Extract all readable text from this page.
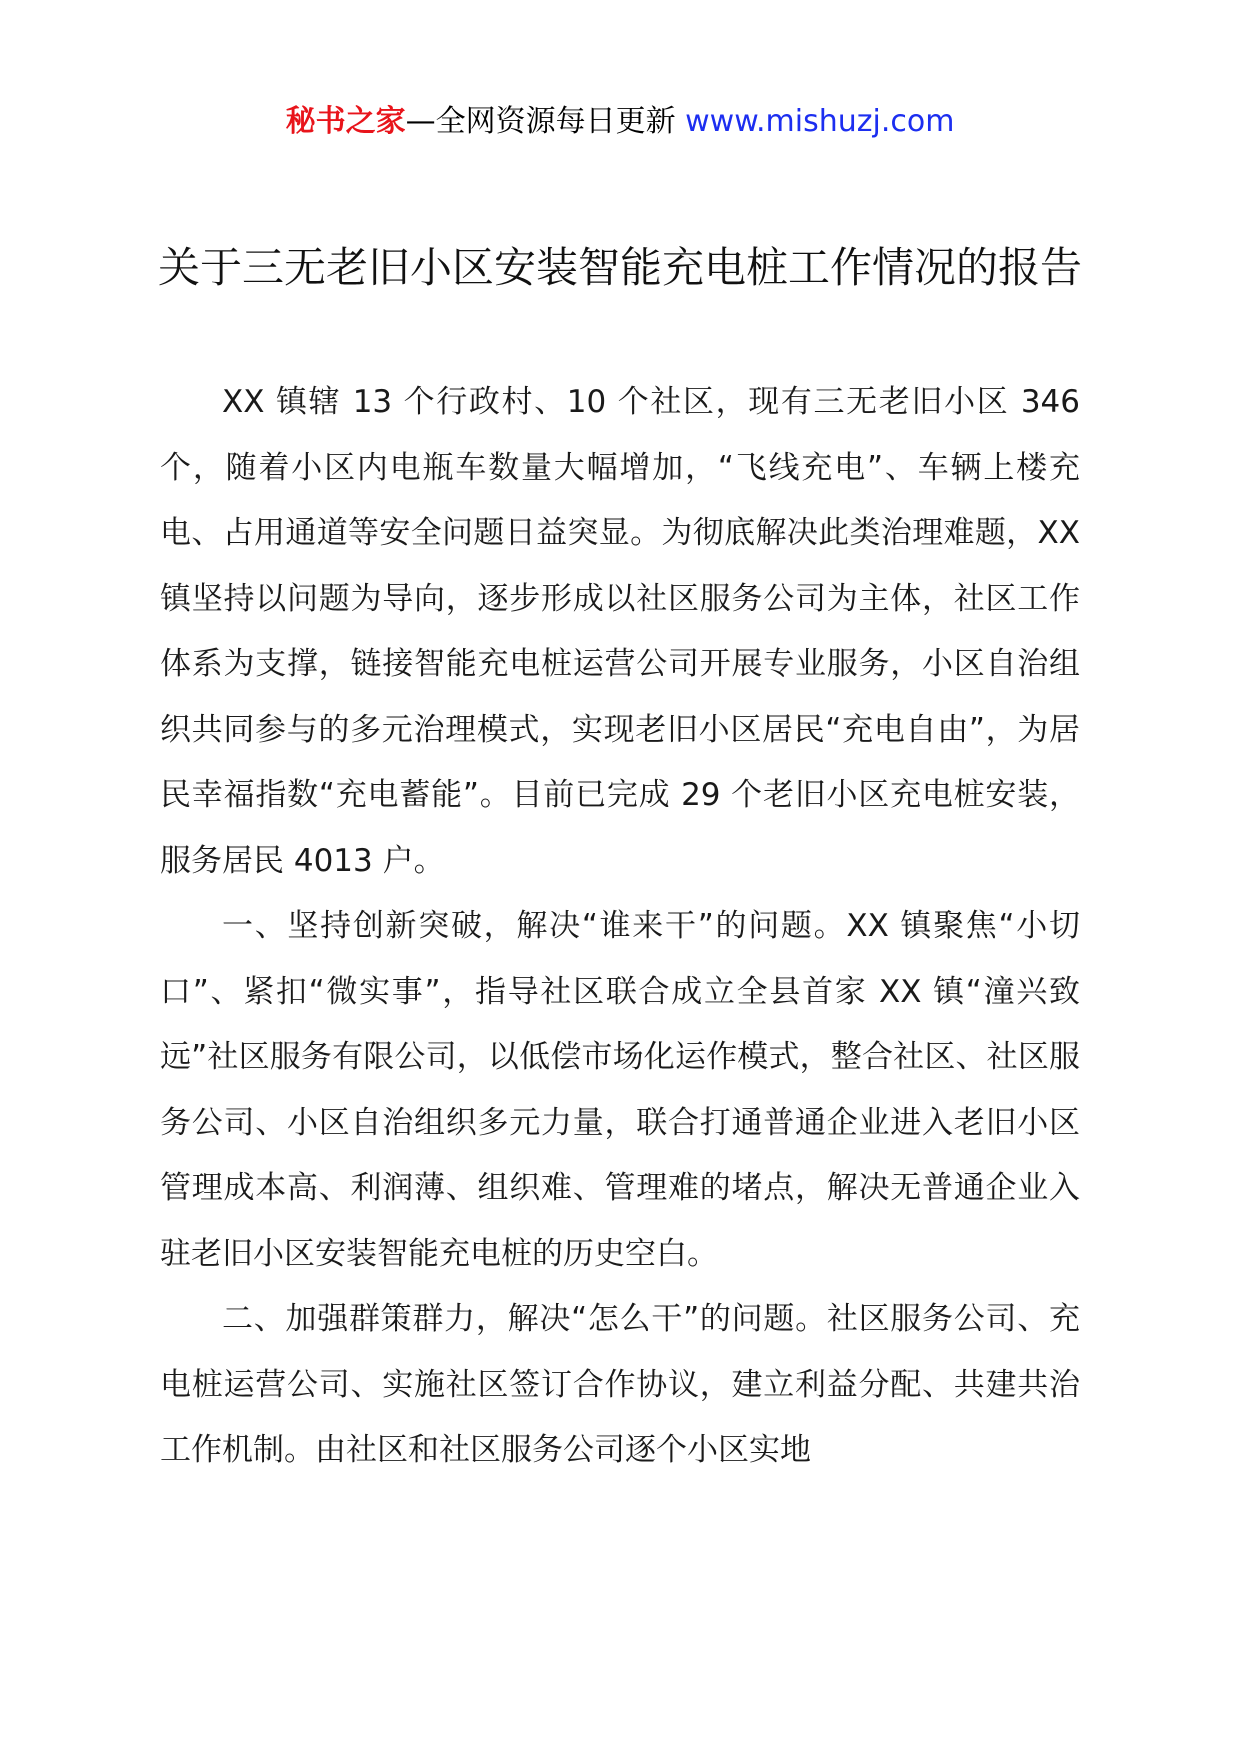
秘书之家—全网资源每日更新 www.mishuzj.com
关于三无老旧小区安装智能充电桩工作情况的报告

XX 镇辖 13 个行政村、10 个社区，现有三无老旧小区 346 个，随着小区内电瓶车数量大幅增加，“飞线充电”、车辆上楼充电、占用通道等安全问题日益突显。为彻底解决此类治理难题，XX 镇坚持以问题为导向，逐步形成以社区服务公司为主体，社区工作体系为支撑，链接智能充电桩运营公司开展专业服务，小区自治组织共同参与的多元治理模式，实现老旧小区居民“充电自由”，为居民幸福指数“充电蓄能”。目前已完成 29 个老旧小区充电桩安装，服务居民 4013 户。

一、坚持创新突破，解决“谁来干”的问题。XX 镇聚焦“小切口”、紧扣“微实事”，指导社区联合成立全县首家 XX 镇“潼兴致远”社区服务有限公司，以低偿市场化运作模式，整合社区、社区服务公司、小区自治组织多元力量，联合打通普通企业进入老旧小区管理成本高、利润薄、组织难、管理难的堵点，解决无普通企业入驻老旧小区安装智能充电桩的历史空白。

二、加强群策群力，解决“怎么干”的问题。社区服务公司、充电桩运营公司、实施社区签订合作协议，建立利益分配、共建共治工作机制。由社区和社区服务公司逐个小区实地
